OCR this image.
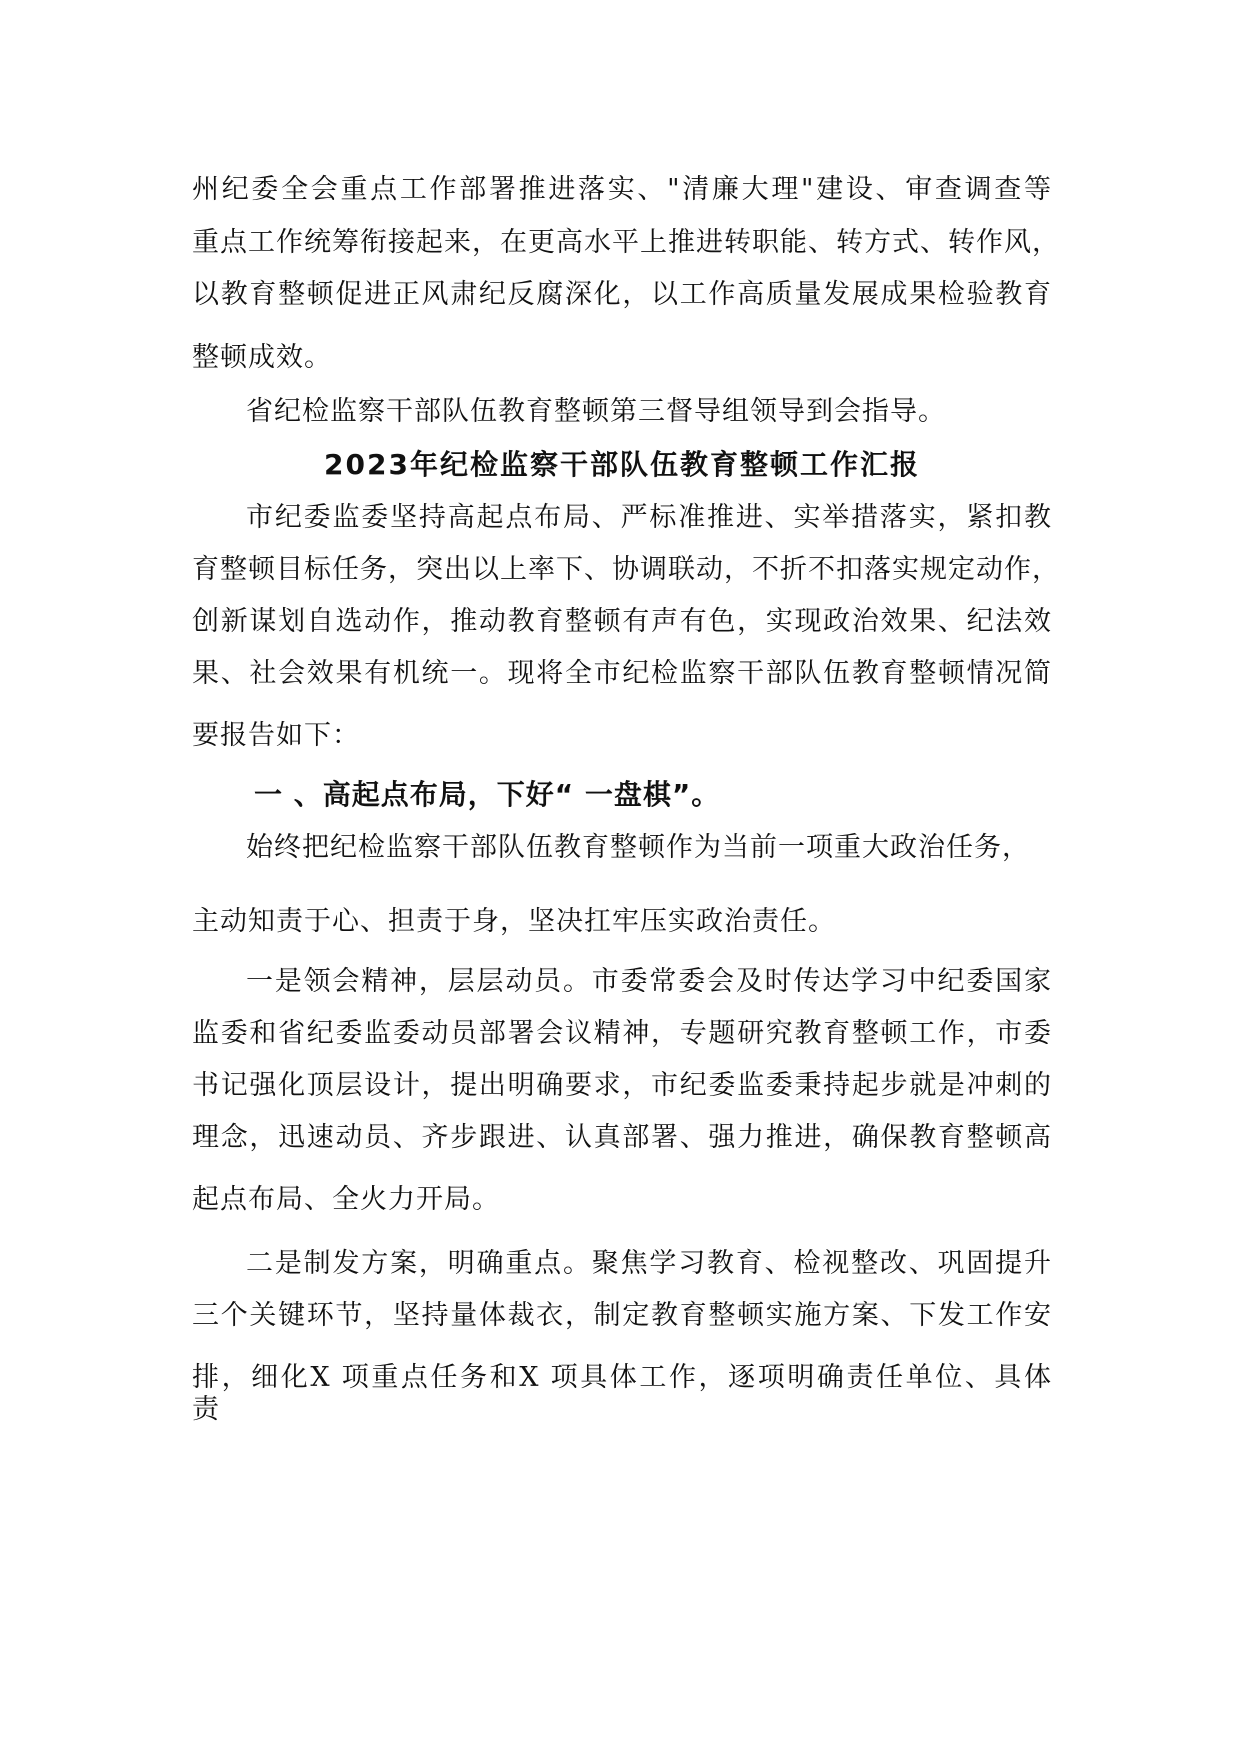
州纪委全会重点工作部署推进落实、"清廉大理"建设、审查调查等
重点工作统筹衔接起来，在更高水平上推进转职能、转方式、转作风，
以教育整顿促进正风肃纪反腐深化，以工作高质量发展成果检验教育
整顿成效。
省纪检监察干部队伍教育整顿第三督导组领导到会指导。
2023年纪检监察干部队伍教育整顿工作汇报
市纪委监委坚持高起点布局、严标准推进、实举措落实，紧扣教
育整顿目标任务，突出以上率下、协调联动，不折不扣落实规定动作，
创新谋划自选动作，推动教育整顿有声有色，实现政治效果、纪法效
果、社会效果有机统一。现将全市纪检监察干部队伍教育整顿情况简
要报告如下：
一 、高起点布局，下好“ 一盘棋”。
始终把纪检监察干部队伍教育整顿作为当前一项重大政治任务，
主动知责于心、担责于身，坚决扛牢压实政治责任。
一是领会精神，层层动员。市委常委会及时传达学习中纪委国家
监委和省纪委监委动员部署会议精神，专题研究教育整顿工作，市委
书记强化顶层设计，提出明确要求，市纪委监委秉持起步就是冲刺的
理念，迅速动员、齐步跟进、认真部署、强力推进，确保教育整顿高
起点布局、全火力开局。
二是制发方案，明确重点。聚焦学习教育、检视整改、巩固提升
三个关键环节，坚持量体裁衣，制定教育整顿实施方案、下发工作安
排，细化X 项重点任务和X 项具体工作，逐项明确责任单位、具体
责
